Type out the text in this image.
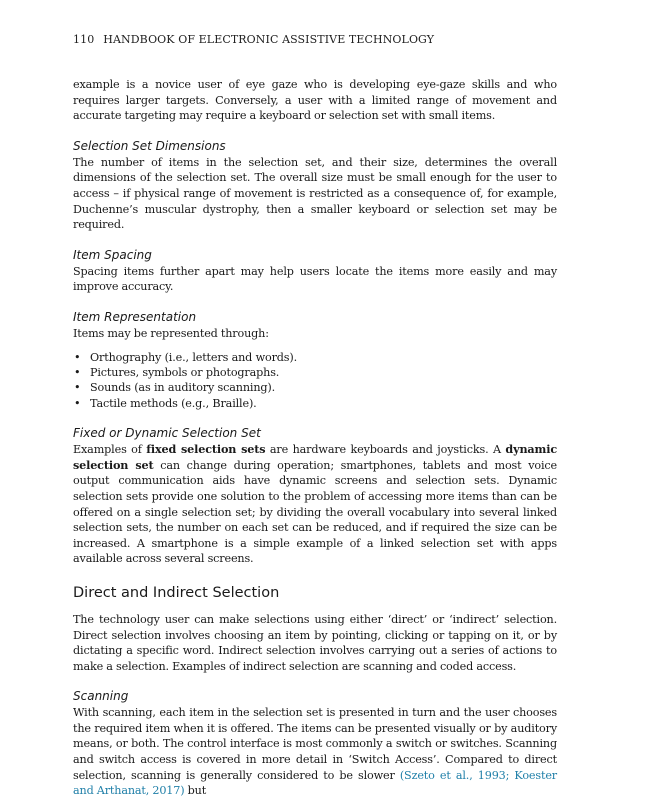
110 HANDBOOK OF ELECTRONIC ASSISTIVE TECHNOLOGY

example is a novice user of eye gaze who is developing eye-gaze skills and who requires larger targets. Conversely, a user with a limited range of movement and accurate targeting may require a keyboard or selection set with small items.

Selection Set Dimensions

The number of items in the selection set, and their size, determines the overall dimensions of the selection set. The overall size must be small enough for the user to access – if physical range of movement is restricted as a consequence of, for example, Duchenne’s muscular dystrophy, then a smaller keyboard or selection set may be required.

Item Spacing

Spacing items further apart may help users locate the items more easily and may improve accuracy.

Item Representation

Items may be represented through:

• Orthography (i.e., letters and words).
• Pictures, symbols or photographs.
• Sounds (as in auditory scanning).
• Tactile methods (e.g., Braille).
Fixed or Dynamic Selection Set

Examples of fixed selection sets are hardware keyboards and joysticks. A dynamic selection set can change during operation; smartphones, tablets and most voice output communication aids have dynamic screens and selection sets. Dynamic selection sets provide one solution to the problem of accessing more items than can be offered on a single selection set; by dividing the overall vocabulary into several linked selection sets, the number on each set can be reduced, and if required the size can be increased. A smartphone is a simple example of a linked selection set with apps available across several screens.

Direct and Indirect Selection

The technology user can make selections using either ‘direct’ or ‘indirect’ selection. Direct selection involves choosing an item by pointing, clicking or tapping on it, or by dictating a specific word. Indirect selection involves carrying out a series of actions to make a selection. Examples of indirect selection are scanning and coded access.

Scanning

With scanning, each item in the selection set is presented in turn and the user chooses the required item when it is offered. The items can be presented visually or by auditory means, or both. The control interface is most commonly a switch or switches. Scanning and switch access is covered in more detail in ‘Switch Access’. Compared to direct selection, scanning is generally considered to be slower (Szeto et al., 1993; Koester and Arthanat, 2017) but
